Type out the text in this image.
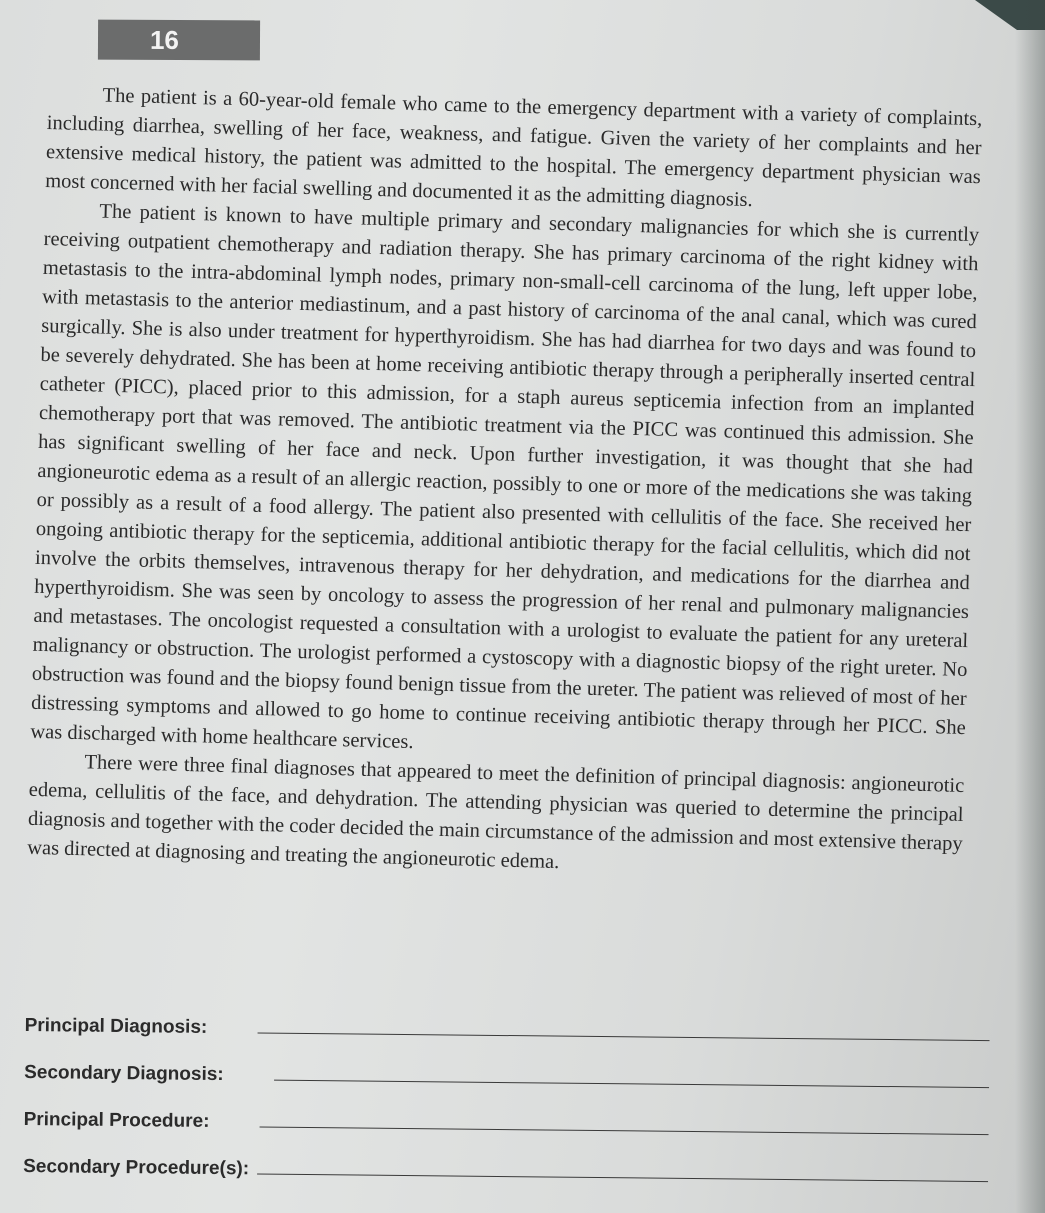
16

The patient is a 60-year-old female who came to the emergency department with a variety of complaints, including diarrhea, swelling of her face, weakness, and fatigue. Given the variety of her complaints and her extensive medical history, the patient was admitted to the hospital. The emergency department physician was most concerned with her facial swelling and documented it as the admitting diagnosis.

The patient is known to have multiple primary and secondary malignancies for which she is currently receiving outpatient chemotherapy and radiation therapy. She has primary carcinoma of the right kidney with metastasis to the intra-abdominal lymph nodes, primary non-small-cell carcinoma of the lung, left upper lobe, with metastasis to the anterior mediastinum, and a past history of carcinoma of the anal canal, which was cured surgically. She is also under treatment for hyperthyroidism. She has had diarrhea for two days and was found to be severely dehydrated. She has been at home receiving antibiotic therapy through a peripherally inserted central catheter (PICC), placed prior to this admission, for a staph aureus septicemia infection from an implanted chemotherapy port that was removed. The antibiotic treatment via the PICC was continued this admission. She has significant swelling of her face and neck. Upon further investigation, it was thought that she had angioneurotic edema as a result of an allergic reaction, possibly to one or more of the medications she was taking or possibly as a result of a food allergy. The patient also presented with cellulitis of the face. She received her ongoing antibiotic therapy for the septicemia, additional antibiotic therapy for the facial cellulitis, which did not involve the orbits themselves, intravenous therapy for her dehydration, and medications for the diarrhea and hyperthyroidism. She was seen by oncology to assess the progression of her renal and pulmonary malignancies and metastases. The oncologist requested a consultation with a urologist to evaluate the patient for any ureteral malignancy or obstruction. The urologist performed a cystoscopy with a diagnostic biopsy of the right ureter. No obstruction was found and the biopsy found benign tissue from the ureter. The patient was relieved of most of her distressing symptoms and allowed to go home to continue receiving antibiotic therapy through her PICC. She was discharged with home healthcare services.

There were three final diagnoses that appeared to meet the definition of principal diagnosis: angioneurotic edema, cellulitis of the face, and dehydration. The attending physician was queried to determine the principal diagnosis and together with the coder decided the main circumstance of the admission and most extensive therapy was directed at diagnosing and treating the angioneurotic edema.

Principal Diagnosis:
Secondary Diagnosis:
Principal Procedure:
Secondary Procedure(s):
